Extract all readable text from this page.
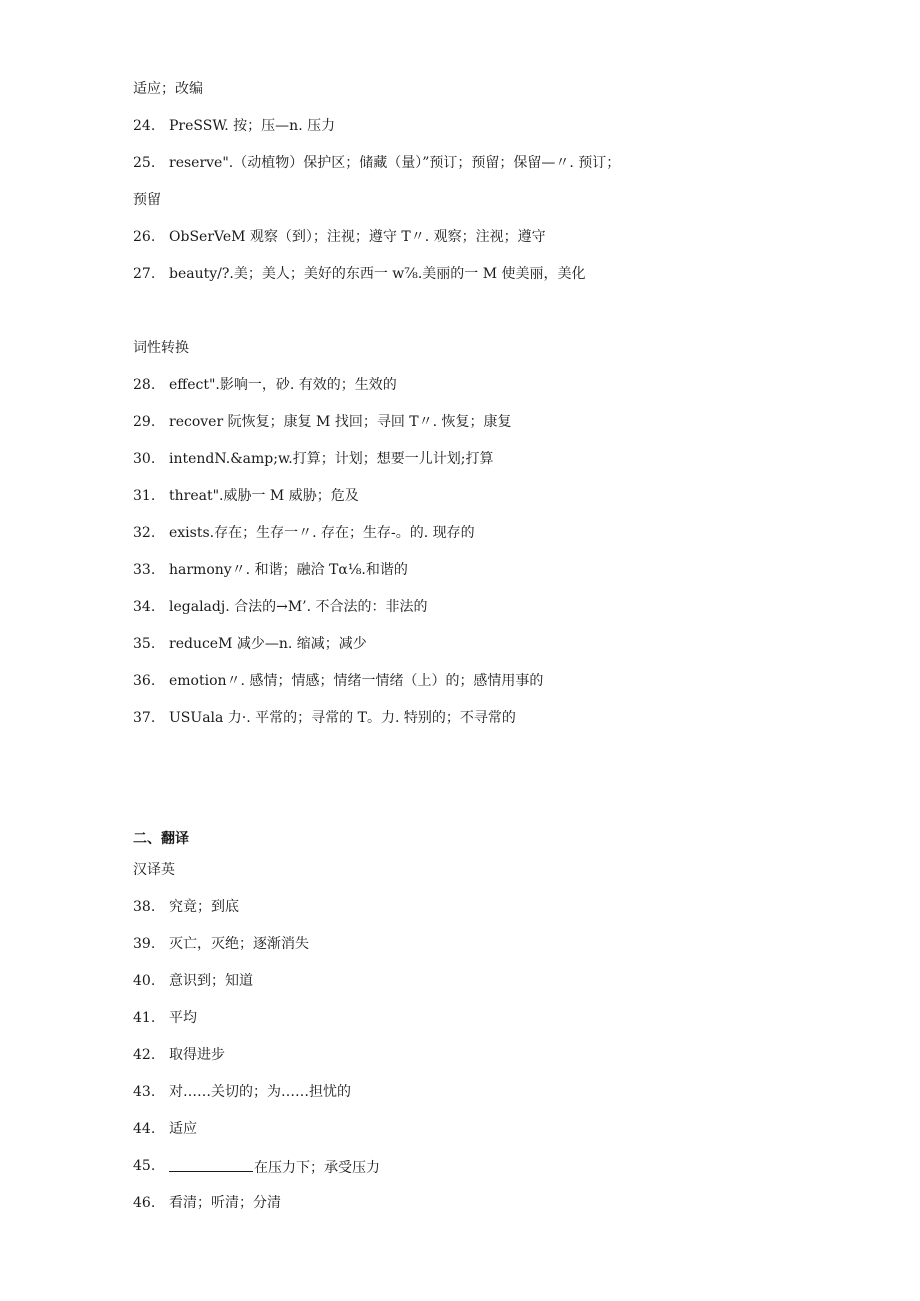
适应；改编
24. PreSSW. 按；压—n. 压力
25. reserve".（动植物）保护区；储藏（量）”预订；预留；保留—〃. 预订；
预留
26. ObSerVeM 观察（到）；注视；遵守 T〃. 观察；注视；遵守
27. beauty/?.美；美人；美好的东西一 w⅞.美丽的一 M 使美丽，美化
词性转换
28. effect".影响一，砂. 有效的；生效的
29. recover 阮恢复；康复 M 找回；寻回 T〃. 恢复；康复
30. intendN.&amp;w.打算；计划；想要一儿计划;打算
31. threat".威胁一 M 威胁；危及
32. exists.存在；生存一〃. 存在；生存-。的. 现存的
33. harmony〃. 和谐；融洽 Tα⅛.和谐的
34. legaladj. 合法的→M’. 不合法的：非法的
35. reduceM 减少—n. 缩减；减少
36. emotion〃. 感情；情感；情绪一情绪（上）的；感情用事的
37. USUala 力·. 平常的；寻常的 T。力. 特别的；不寻常的
二、翻译
汉译英
38. 究竟；到底
39. 灭亡，灭绝；逐渐消失
40. 意识到；知道
41. 平均
42. 取得进步
43. 对……关切的；为……担忧的
44. 适应
45.	在压力下；承受压力
46. 看清；听清；分清
